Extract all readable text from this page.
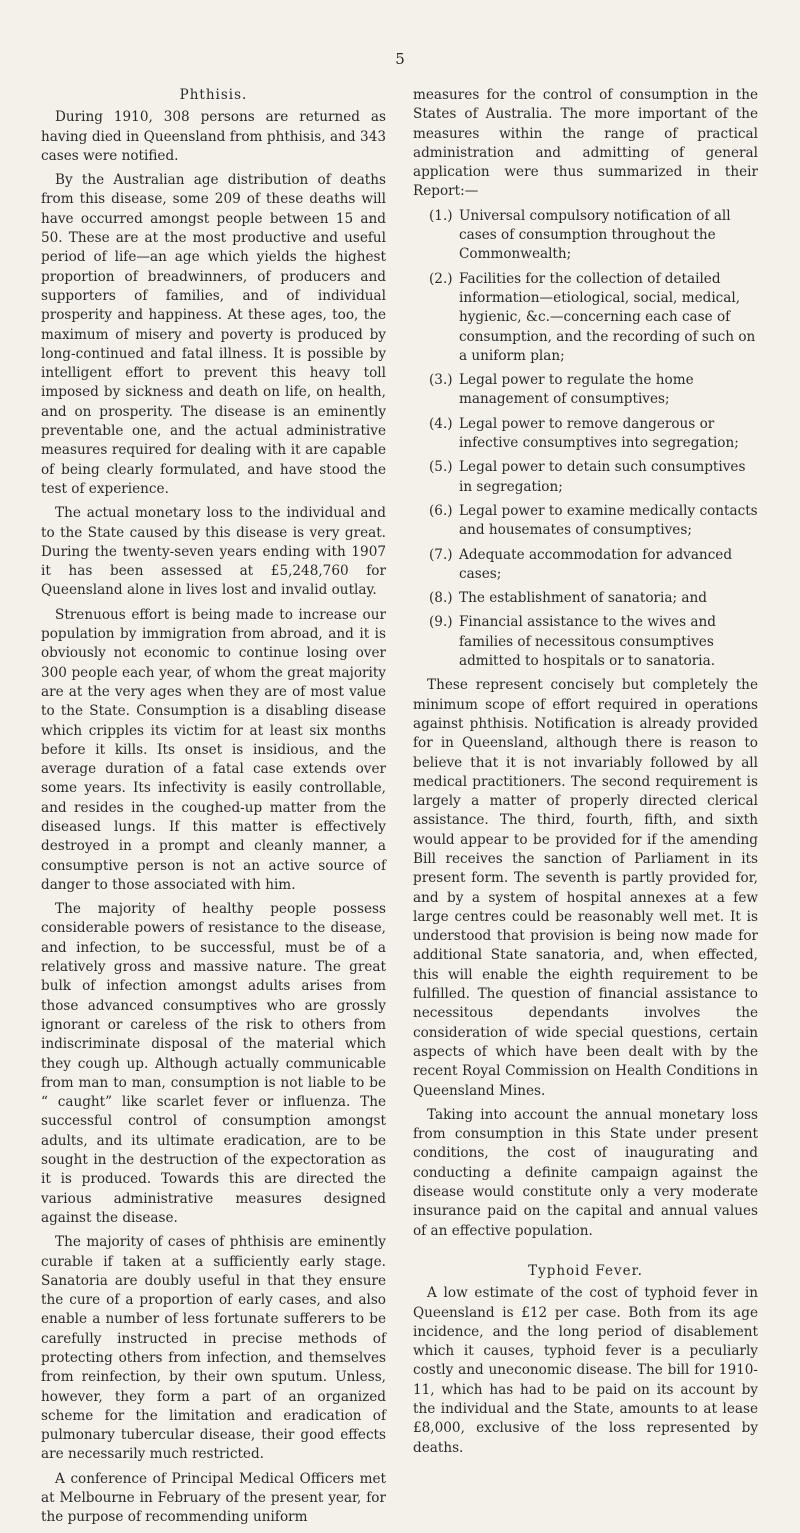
5
Phthisis.

During 1910, 308 persons are returned as having died in Queensland from phthisis, and 343 cases were notified.

By the Australian age distribution of deaths from this disease, some 209 of these deaths will have occurred amongst people between 15 and 50. These are at the most productive and useful period of life—an age which yields the highest proportion of breadwinners, of producers and supporters of families, and of individual prosperity and happiness. At these ages, too, the maximum of misery and poverty is produced by long-continued and fatal illness. It is possible by intelligent effort to prevent this heavy toll imposed by sickness and death on life, on health, and on prosperity. The disease is an eminently preventable one, and the actual administrative measures required for dealing with it are capable of being clearly formulated, and have stood the test of experience.

The actual monetary loss to the individual and to the State caused by this disease is very great. During the twenty-seven years ending with 1907 it has been assessed at £5,248,760 for Queensland alone in lives lost and invalid outlay.

Strenuous effort is being made to increase our population by immigration from abroad, and it is obviously not economic to continue losing over 300 people each year, of whom the great majority are at the very ages when they are of most value to the State. Consumption is a disabling disease which cripples its victim for at least six months before it kills. Its onset is insidious, and the average duration of a fatal case extends over some years. Its infectivity is easily controllable, and resides in the coughed-up matter from the diseased lungs. If this matter is effectively destroyed in a prompt and cleanly manner, a consumptive person is not an active source of danger to those associated with him.

The majority of healthy people possess considerable powers of resistance to the disease, and infection, to be successful, must be of a relatively gross and massive nature. The great bulk of infection amongst adults arises from those advanced consumptives who are grossly ignorant or careless of the risk to others from indiscriminate disposal of the material which they cough up. Although actually communicable from man to man, consumption is not liable to be “ caught” like scarlet fever or influenza. The successful control of consumption amongst adults, and its ultimate eradication, are to be sought in the destruction of the expectoration as it is produced. Towards this are directed the various administrative measures designed against the disease.

The majority of cases of phthisis are eminently curable if taken at a sufficiently early stage. Sanatoria are doubly useful in that they ensure the cure of a proportion of early cases, and also enable a number of less fortunate sufferers to be carefully instructed in precise methods of protecting others from infection, and themselves from reinfection, by their own sputum. Unless, however, they form a part of an organized scheme for the limitation and eradication of pulmonary tubercular disease, their good effects are necessarily much restricted.

A conference of Principal Medical Officers met at Melbourne in February of the present year, for the purpose of recommending uniform

measures for the control of consumption in the States of Australia. The more important of the measures within the range of practical administration and admitting of general application were thus summarized in their Report:—

(1.) Universal compulsory notification of all cases of consumption throughout the Commonwealth;
(2.) Facilities for the collection of detailed information—etiological, social, medical, hygienic, &c.—concerning each case of consumption, and the recording of such on a uniform plan;
(3.) Legal power to regulate the home management of consumptives;
(4.) Legal power to remove dangerous or infective consumptives into segregation;
(5.) Legal power to detain such consumptives in segregation;
(6.) Legal power to examine medically contacts and housemates of consumptives;
(7.) Adequate accommodation for advanced cases;
(8.) The establishment of sanatoria; and
(9.) Financial assistance to the wives and families of necessitous consumptives admitted to hospitals or to sanatoria.

These represent concisely but completely the minimum scope of effort required in operations against phthisis. Notification is already provided for in Queensland, although there is reason to believe that it is not invariably followed by all medical practitioners. The second requirement is largely a matter of properly directed clerical assistance. The third, fourth, fifth, and sixth would appear to be provided for if the amending Bill receives the sanction of Parliament in its present form. The seventh is partly provided for, and by a system of hospital annexes at a few large centres could be reasonably well met. It is understood that provision is being now made for additional State sanatoria, and, when effected, this will enable the eighth requirement to be fulfilled. The question of financial assistance to necessitous dependants involves the consideration of wide special questions, certain aspects of which have been dealt with by the recent Royal Commission on Health Conditions in Queensland Mines.

Taking into account the annual monetary loss from consumption in this State under present conditions, the cost of inaugurating and conducting a definite campaign against the disease would constitute only a very moderate insurance paid on the capital and annual values of an effective population.

Typhoid Fever.

A low estimate of the cost of typhoid fever in Queensland is £12 per case. Both from its age incidence, and the long period of disablement which it causes, typhoid fever is a peculiarly costly and uneconomic disease. The bill for 1910-11, which has had to be paid on its account by the individual and the State, amounts to at lease £8,000, exclusive of the loss represented by deaths.
